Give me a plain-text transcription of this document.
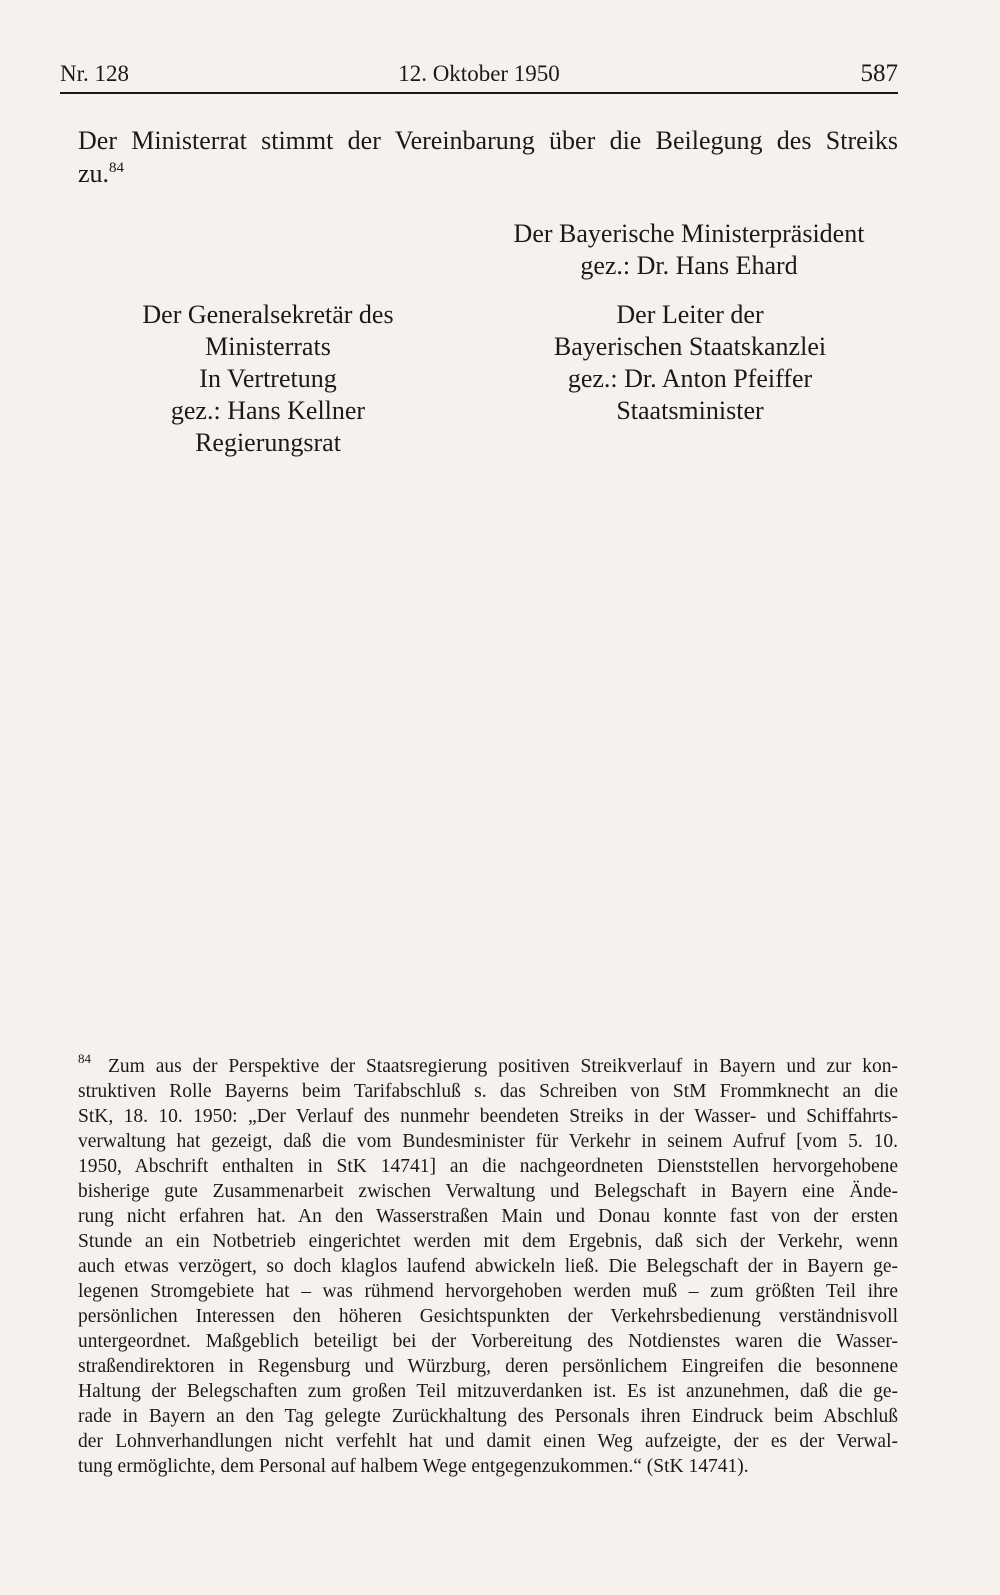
Nr. 128	12. Oktober 1950	587
Der Ministerrat stimmt der Vereinbarung über die Beilegung des Streiks
zu.$^{84}$
Der Bayerische Ministerpräsident
gez.: Dr. Hans Ehard
Der Generalsekretär des
Ministerrats
In Vertretung
gez.: Hans Kellner
Regierungsrat
Der Leiter der
Bayerischen Staatskanzlei
gez.: Dr. Anton Pfeiffer
Staatsminister
84 Zum aus der Perspektive der Staatsregierung positiven Streikverlauf in Bayern und zur kon-
struktiven Rolle Bayerns beim Tarifabschluß s. das Schreiben von StM Frommknecht an die
StK, 18. 10. 1950: „Der Verlauf des nunmehr beendeten Streiks in der Wasser- und Schiffahrts-
verwaltung hat gezeigt, daß die vom Bundesminister für Verkehr in seinem Aufruf [vom 5. 10.
1950, Abschrift enthalten in StK 14741] an die nachgeordneten Dienststellen hervorgehobene
bisherige gute Zusammenarbeit zwischen Verwaltung und Belegschaft in Bayern eine Ände-
rung nicht erfahren hat. An den Wasserstraßen Main und Donau konnte fast von der ersten
Stunde an ein Notbetrieb eingerichtet werden mit dem Ergebnis, daß sich der Verkehr, wenn
auch etwas verzögert, so doch klaglos laufend abwickeln ließ. Die Belegschaft der in Bayern ge-
legenen Stromgebiete hat – was rühmend hervorgehoben werden muß – zum größten Teil ihre
persönlichen Interessen den höheren Gesichtspunkten der Verkehrsbedienung verständnisvoll
untergeordnet. Maßgeblich beteiligt bei der Vorbereitung des Notdienstes waren die Wasser-
straßendirektoren in Regensburg und Würzburg, deren persönlichem Eingreifen die besonnene
Haltung der Belegschaften zum großen Teil mitzuverdanken ist. Es ist anzunehmen, daß die ge-
rade in Bayern an den Tag gelegte Zurückhaltung des Personals ihren Eindruck beim Abschluß
der Lohnverhandlungen nicht verfehlt hat und damit einen Weg aufzeigte, der es der Verwal-
tung ermöglichte, dem Personal auf halbem Wege entgegenzukommen.“ (StK 14741).
